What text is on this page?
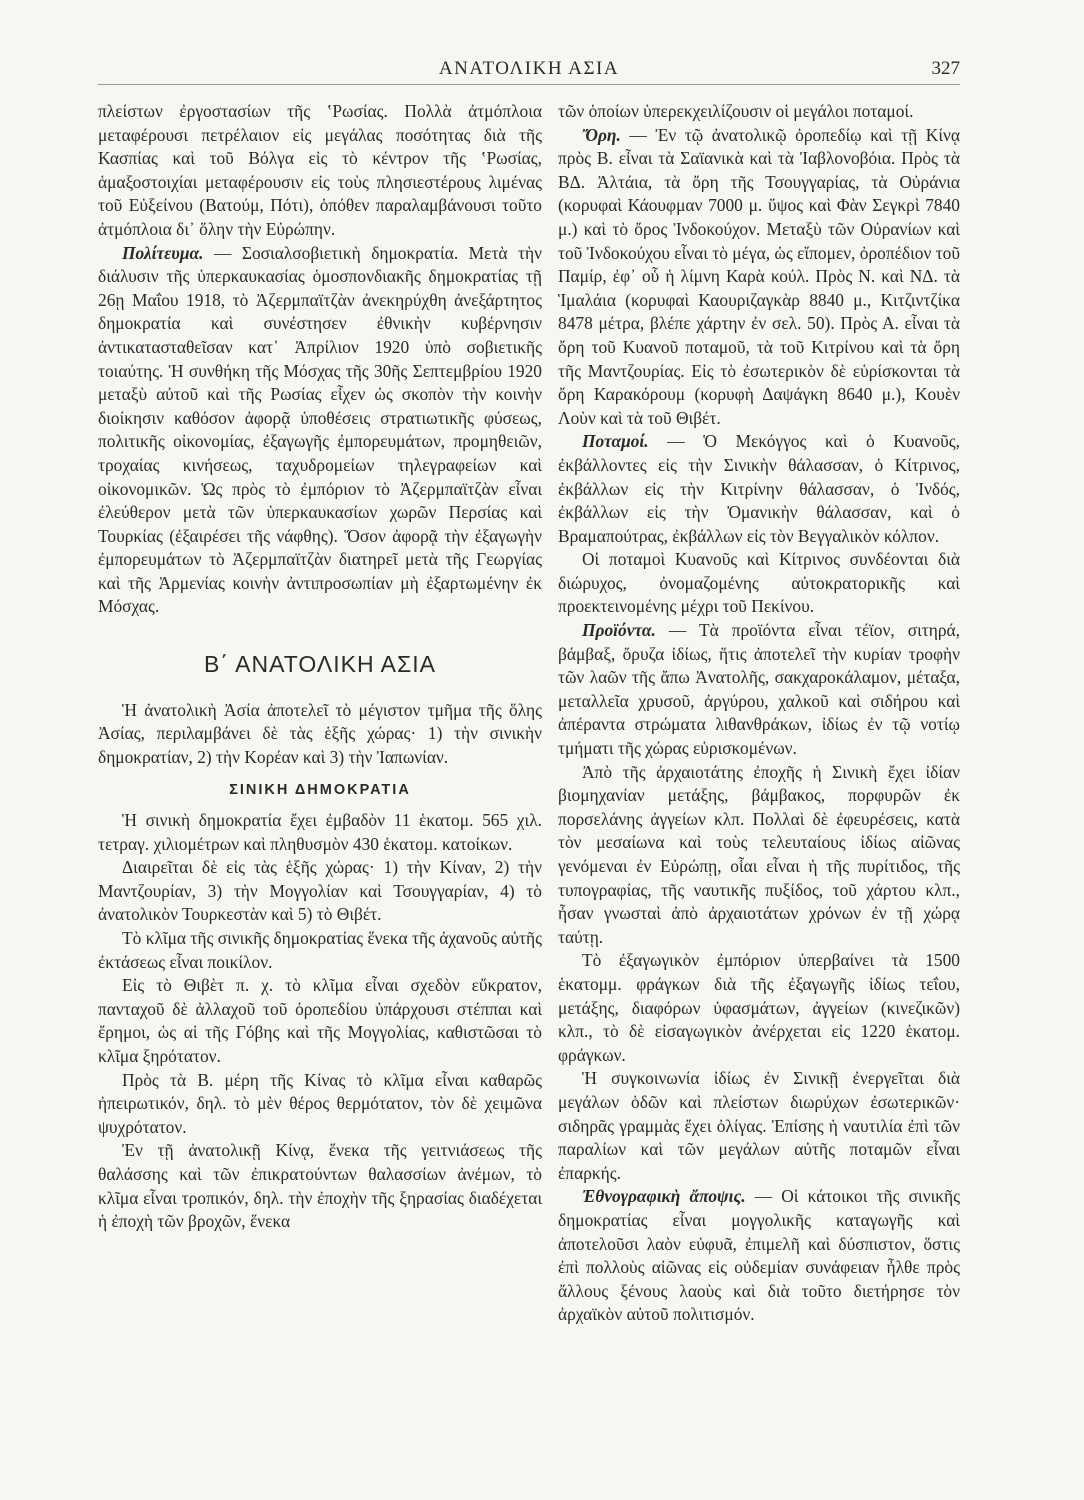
ΑΝΑΤΟΛΙΚΗ ΑΣΙΑ	327

πλείστων ἐργοστασίων τῆς ʽΡωσίας. Πολλὰ ἀτμόπλοια μεταφέρουσι πετρέλαιον εἰς μεγάλας ποσότητας διὰ τῆς Κασπίας καὶ τοῦ Βόλγα εἰς τὸ κέντρον τῆς ʽΡωσίας, ἁμαξοστοιχίαι μεταφέρουσιν εἰς τοὺς πλησιεστέρους λιμένας τοῦ Εὐξείνου (Βατούμ, Πότι), ὁπόθεν παραλαμβάνουσι τοῦτο ἀτμόπλοια δι᾽ ὅλην τὴν Εὐρώπην.

Πολίτευμα. — Σοσιαλσοβιετικὴ δημοκρατία. Μετὰ τὴν διάλυσιν τῆς ὑπερκαυκασίας ὁμοσπονδιακῆς δημοκρατίας τῇ 26ῃ Μαΐου 1918, τὸ Ἀζερμπαϊτζὰν ἀνεκηρύχθη ἀνεξάρτητος δημοκρατία καὶ συνέστησεν ἐθνικὴν κυβέρνησιν ἀντικατασταθεῖσαν κατ᾽ Ἀπρίλιον 1920 ὑπὸ σοβιετικῆς τοιαύτης. Ἡ συνθήκη τῆς Μόσχας τῆς 30ῆς Σεπτεμβρίου 1920 μεταξὺ αὐτοῦ καὶ τῆς Ρωσίας εἶχεν ὡς σκοπὸν τὴν κοινὴν διοίκησιν καθόσον ἀφορᾷ ὑποθέσεις στρατιωτικῆς φύσεως, πολιτικῆς οἰκονομίας, ἐξαγωγῆς ἐμπορευμάτων, προμηθειῶν, τροχαίας κινήσεως, ταχυδρομείων τηλεγραφείων καὶ οἰκονομικῶν. Ὡς πρὸς τὸ ἐμπόριον τὸ Ἀζερμπαϊτζὰν εἶναι ἐλεύθερον μετὰ τῶν ὑπερκαυκασίων χωρῶν Περσίας καὶ Τουρκίας (ἐξαιρέσει τῆς νάφθης). Ὅσον ἀφορᾷ τὴν ἐξαγωγὴν ἐμπορευμάτων τὸ Ἀζερμπαϊτζὰν διατηρεῖ μετὰ τῆς Γεωργίας καὶ τῆς Ἀρμενίας κοινὴν ἀντιπροσωπίαν μὴ ἐξαρτωμένην ἐκ Μόσχας.

Β΄ ΑΝΑΤΟΛΙΚΗ ΑΣΙΑ

Ἡ ἀνατολικὴ Ἀσία ἀποτελεῖ τὸ μέγιστον τμῆμα τῆς ὅλης Ἀσίας, περιλαμβάνει δὲ τὰς ἑξῆς χώρας· 1) τὴν σινικὴν δημοκρατίαν, 2) τὴν Κορέαν καὶ 3) τὴν Ἰαπωνίαν.

ΣΙΝΙΚΗ ΔΗΜΟΚΡΑΤΙΑ

Ἡ σινικὴ δημοκρατία ἔχει ἐμβαδὸν 11 ἑκατομ. 565 χιλ. τετραγ. χιλιομέτρων καὶ πληθυσμὸν 430 ἑκατομ. κατοίκων.

Διαιρεῖται δὲ εἰς τὰς ἑξῆς χώρας· 1) τὴν Κίναν, 2) τὴν Μαντζουρίαν, 3) τὴν Μογγολίαν καὶ Τσουγγαρίαν, 4) τὸ ἀνατολικὸν Τουρκεστὰν καὶ 5) τὸ Θιβέτ.

Τὸ κλῖμα τῆς σινικῆς δημοκρατίας ἕνεκα τῆς ἀχανοῦς αὐτῆς ἐκτάσεως εἶναι ποικίλον.

Εἰς τὸ Θιβὲτ π. χ. τὸ κλῖμα εἶναι σχεδὸν εὔκρατον, πανταχοῦ δὲ ἀλλαχοῦ τοῦ ὀροπεδίου ὑπάρχουσι στέππαι καὶ ἔρημοι, ὡς αἱ τῆς Γόβης καὶ τῆς Μογγολίας, καθιστῶσαι τὸ κλῖμα ξηρότατον.

Πρὸς τὰ Β. μέρη τῆς Κίνας τὸ κλῖμα εἶναι καθαρῶς ἠπειρωτικόν, δηλ. τὸ μὲν θέρος θερμότατον, τὸν δὲ χειμῶνα ψυχρότατον.

Ἐν τῇ ἀνατολικῇ Κίνᾳ, ἕνεκα τῆς γειτνιάσεως τῆς θαλάσσης καὶ τῶν ἐπικρατούντων θαλασσίων ἀνέμων, τὸ κλῖμα εἶναι τροπικόν, δηλ. τὴν ἐποχὴν τῆς ξηρασίας διαδέχεται ἡ ἐποχὴ τῶν βροχῶν, ἕνεκα

τῶν ὁποίων ὑπερεκχειλίζουσιν οἱ μεγάλοι ποταμοί.

Ὄρη. — Ἐν τῷ ἀνατολικῷ ὀροπεδίῳ καὶ τῇ Κίνᾳ πρὸς Β. εἶναι τὰ Σαϊανικὰ καὶ τὰ Ἰαβλονοβόια. Πρὸς τὰ ΒΔ. Ἀλτάια, τὰ ὄρη τῆς Τσουγγαρίας, τὰ Οὐράνια (κορυφαὶ Κάουφμαν 7000 μ. ὕψος καὶ Φὰν Σεγκρὶ 7840 μ.) καὶ τὸ ὄρος Ἰνδοκούχον. Μεταξὺ τῶν Οὐρανίων καὶ τοῦ Ἰνδοκούχου εἶναι τὸ μέγα, ὡς εἴπομεν, ὀροπέδιον τοῦ Παμίρ, ἐφ᾽ οὗ ἡ λίμνη Καρὰ κούλ. Πρὸς Ν. καὶ ΝΔ. τὰ Ἱμαλάια (κορυφαὶ Καουριζαγκὰρ 8840 μ., Κιτζιντζίκα 8478 μέτρα, βλέπε χάρτην ἐν σελ. 50). Πρὸς Α. εἶναι τὰ ὄρη τοῦ Κυανοῦ ποταμοῦ, τὰ τοῦ Κιτρίνου καὶ τὰ ὄρη τῆς Μαντζουρίας. Εἰς τὸ ἐσωτερικὸν δὲ εὑρίσκονται τὰ ὄρη Καρακόρουμ (κορυφὴ Δαψάγκη 8640 μ.), Κουὲν Λοὺν καὶ τὰ τοῦ Θιβέτ.

Ποταμοί. — Ὁ Μεκόγγος καὶ ὁ Κυανοῦς, ἐκβάλλοντες εἰς τὴν Σινικὴν θάλασσαν, ὁ Κίτρινος, ἐκβάλλων εἰς τὴν Κιτρίνην θάλασσαν, ὁ Ἰνδός, ἐκβάλλων εἰς τὴν Ὀμανικὴν θάλασσαν, καὶ ὁ Βραμαπούτρας, ἐκβάλλων εἰς τὸν Βεγγαλικὸν κόλπον.

Οἱ ποταμοὶ Κυανοῦς καὶ Κίτρινος συνδέονται διὰ διώρυχος, ὀνομαζομένης αὐτοκρατορικῆς καὶ προεκτεινομένης μέχρι τοῦ Πεκίνου.

Προϊόντα. — Τὰ προϊόντα εἶναι τέϊον, σιτηρά, βάμβαξ, ὄρυζα ἰδίως, ἥτις ἀποτελεῖ τὴν κυρίαν τροφὴν τῶν λαῶν τῆς ἄπω Ἀνατολῆς, σακχαροκάλαμον, μέταξα, μεταλλεῖα χρυσοῦ, ἀργύρου, χαλκοῦ καὶ σιδήρου καὶ ἀπέραντα στρώματα λιθανθράκων, ἰδίως ἐν τῷ νοτίῳ τμήματι τῆς χώρας εὑρισκομένων.

Ἀπὸ τῆς ἀρχαιοτάτης ἐποχῆς ἡ Σινικὴ ἔχει ἰδίαν βιομηχανίαν μετάξης, βάμβακος, πορφυρῶν ἐκ πορσελάνης ἀγγείων κλπ. Πολλαὶ δὲ ἐφευρέσεις, κατὰ τὸν μεσαίωνα καὶ τοὺς τελευταίους ἰδίως αἰῶνας γενόμεναι ἐν Εὐρώπῃ, οἷαι εἶναι ἡ τῆς πυρίτιδος, τῆς τυπογραφίας, τῆς ναυτικῆς πυξίδος, τοῦ χάρτου κλπ., ἦσαν γνωσταὶ ἀπὸ ἀρχαιοτάτων χρόνων ἐν τῇ χώρᾳ ταύτῃ.

Τὸ ἐξαγωγικὸν ἐμπόριον ὑπερβαίνει τὰ 1500 ἑκατομμ. φράγκων διὰ τῆς ἐξαγωγῆς ἰδίως τεΐου, μετάξης, διαφόρων ὑφασμάτων, ἀγγείων (κινεζικῶν) κλπ., τὸ δὲ εἰσαγωγικὸν ἀνέρχεται εἰς 1220 ἑκατομ. φράγκων.

Ἡ συγκοινωνία ἰδίως ἐν Σινικῇ ἐνεργεῖται διὰ μεγάλων ὁδῶν καὶ πλείστων διωρύχων ἐσωτερικῶν· σιδηρᾶς γραμμὰς ἔχει ὀλίγας. Ἐπίσης ἡ ναυτιλία ἐπὶ τῶν παραλίων καὶ τῶν μεγάλων αὐτῆς ποταμῶν εἶναι ἐπαρκής.

Ἐθνογραφικὴ ἄποψις. — Οἱ κάτοικοι τῆς σινικῆς δημοκρατίας εἶναι μογγολικῆς καταγωγῆς καὶ ἀποτελοῦσι λαὸν εὐφυᾶ, ἐπιμελῆ καὶ δύσπιστον, ὅστις ἐπὶ πολλοὺς αἰῶνας εἰς οὐδεμίαν συνάφειαν ἦλθε πρὸς ἄλλους ξένους λαοὺς καὶ διὰ τοῦτο διετήρησε τὸν ἀρχαϊκὸν αὐτοῦ πολιτισμόν.
